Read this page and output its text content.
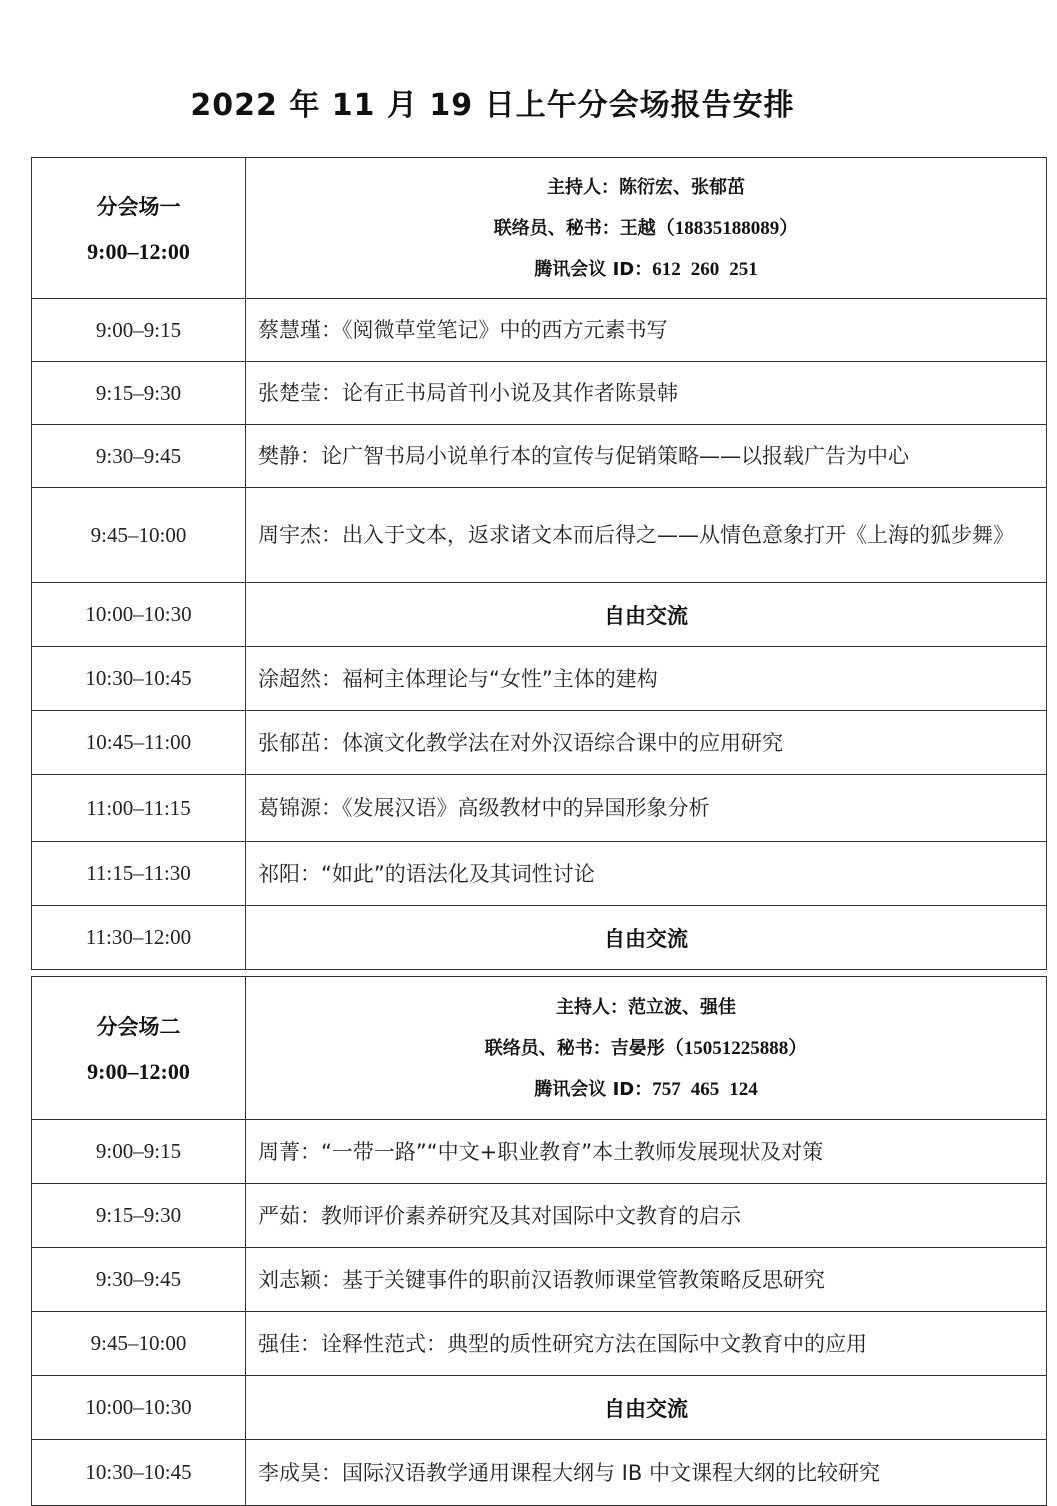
2022 年 11 月 19 日上午分会场报告安排
分会场一
9:00–12:00	主持人：陈衍宏、张郁茁
联络员、秘书：王越（18835188089）
腾讯会议 ID：612 260 251

9:00–9:15	蔡慧瑾：《阅微草堂笔记》中的西方元素书写
9:15–9:30	张楚莹：论有正书局首刊小说及其作者陈景韩
9:30–9:45	樊静：论广智书局小说单行本的宣传与促销策略——以报载广告为中心
9:45–10:00	周宇杰：出入于文本，返求诸文本而后得之——从情色意象打开《上海的狐步舞》
10:00–10:30	自由交流
10:30–10:45	涂超然：福柯主体理论与“女性”主体的建构
10:45–11:00	张郁茁：体演文化教学法在对外汉语综合课中的应用研究
11:00–11:15	葛锦源：《发展汉语》高级教材中的异国形象分析
11:15–11:30	祁阳：“如此”的语法化及其词性讨论
11:30–12:00	自由交流
分会场二
9:00–12:00	主持人：范立波、强佳
联络员、秘书：吉晏彤（15051225888）
腾讯会议 ID：757 465 124

9:00–9:15	周菁：“一带一路”“中文+职业教育”本土教师发展现状及对策
9:15–9:30	严茹：教师评价素养研究及其对国际中文教育的启示
9:30–9:45	刘志颖：基于关键事件的职前汉语教师课堂管教策略反思研究
9:45–10:00	强佳：诠释性范式：典型的质性研究方法在国际中文教育中的应用
10:00–10:30	自由交流
10:30–10:45	李成昊：国际汉语教学通用课程大纲与 IB 中文课程大纲的比较研究
